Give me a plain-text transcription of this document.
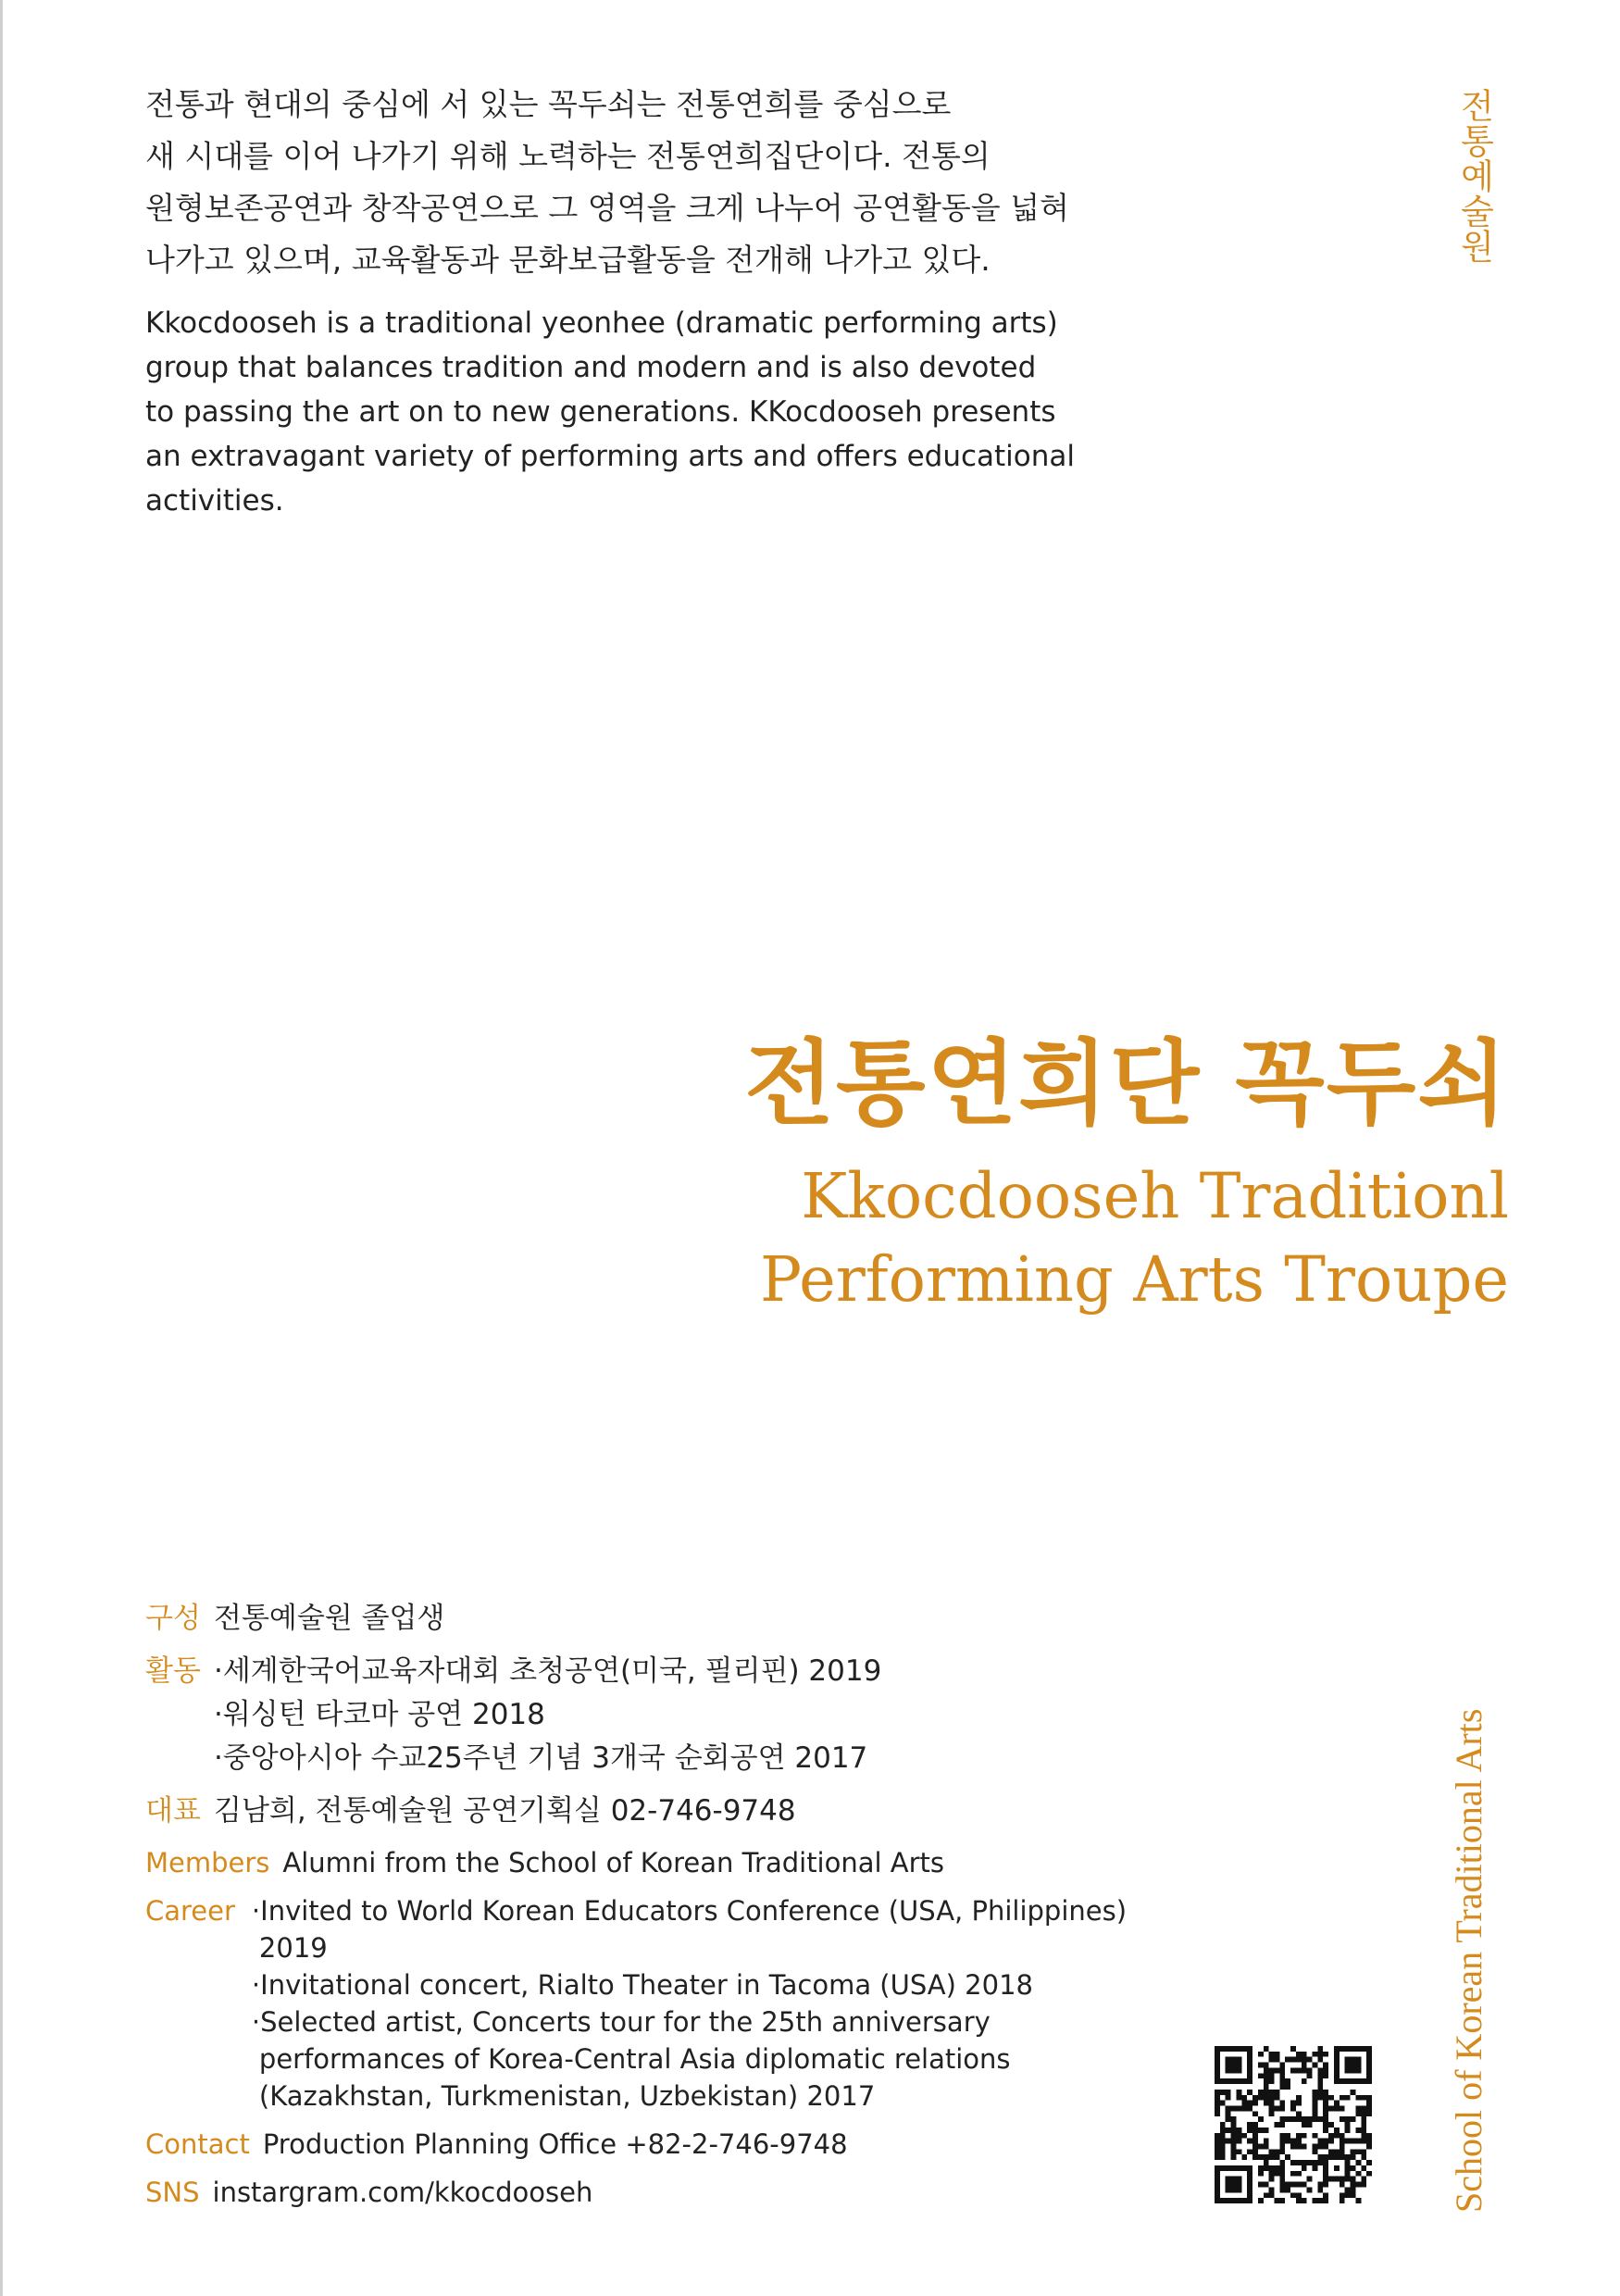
전통과 현대의 중심에 서 있는 꼭두쇠는 전통연희를 중심으로

새 시대를 이어 나가기 위해 노력하는 전통연희집단이다. 전통의

원형보존공연과 창작공연으로 그 영역을 크게 나누어 공연활동을 넓혀

나가고 있으며, 교육활동과 문화보급활동을 전개해 나가고 있다.

Kkocdooseh is a traditional yeonhee (dramatic performing arts)

group that balances tradition and modern and is also devoted

to passing the art on to new generations. KKocdooseh presents

an extravagant variety of performing arts and offers educational

activities.

전통예술원
전통연희단 꼭두쇠
Kkocdooseh Traditionl
Performing Arts Troupe
구성 전통예술원 졸업생
활동 ·세계한국어교육자대회 초청공연(미국, 필리핀) 2019

·워싱턴 타코마 공연 2018

·중앙아시아 수교25주년 기념 3개국 순회공연 2017

대표 김남희, 전통예술원 공연기획실 02-746-9748
Members Alumni from the School of Korean Traditional Arts
Career ·Invited to World Korean Educators Conference (USA, Philippines)

2019

·Invitational concert, Rialto Theater in Tacoma (USA) 2018

·Selected artist, Concerts tour for the 25th anniversary

performances of Korea-Central Asia diplomatic relations

(Kazakhstan, Turkmenistan, Uzbekistan) 2017

Contact Production Planning Office +82-2-746-9748
SNS instargram.com/kkocdooseh	School of Korean Traditional Arts
